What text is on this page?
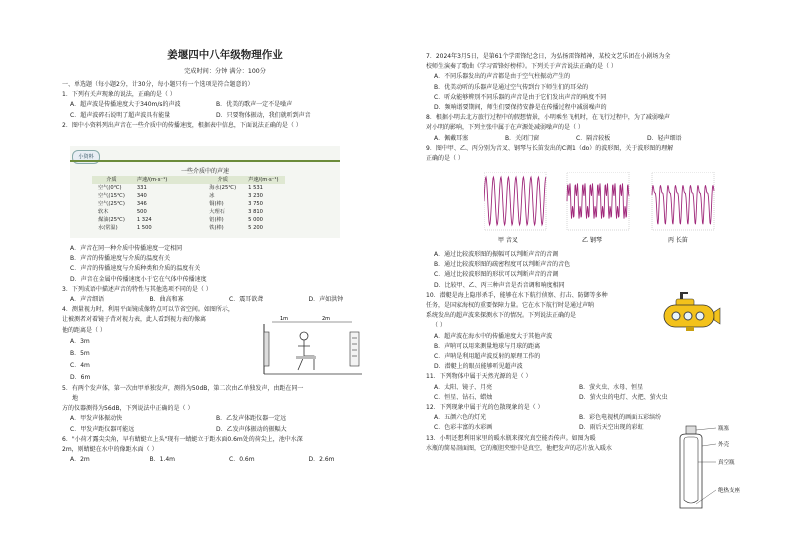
姜堰四中八年级物理作业
完成时间：分钟 满分：100分
一、单选题（每小题2分，计30分，每小题只有一个选项是符合题意的）
1．下列有关声现象的说法，正确的是（ ）
A．超声波是传播速度大于340m/s的声波	B．优美的歌声一定不是噪声
C．超声波碎石说明了超声波具有能量	D．只要物体振动，我们就听到声音
2．图中小资料列出声音在一些介质中的传播速度，根据表中信息，下面说法正确的是（ ）
小资料
一些介质中的声速
介质	声速/(m·s⁻¹)		介质	声速/(m·s⁻¹)
空气(0℃)	331		海水(25℃)	1 531
空气(15℃)	340		冰	3 230
空气(25℃)	346		铜(棒)	3 750
软木	500		大理石	3 810
煤油(25℃)	1 324		铝(棒)	5 000
水(常温)	1 500		铁(棒)	5 200
A．声音在同一种介质中传播速度一定相同
B．声音的传播速度与介质的温度有关
C．声音的传播速度与介质种类和介质的温度有关
D．声音在金属中传播速度小于它在气体中传播速度
3．下列成语中描述声音的特性与其他选项不同的是（ ）
A．声音细语	B．曲高和寡	C．震耳欲聋	D．声如洪钟
4．测量视力时，利用平面镜成像特点可以节省空间。如图所示，
让被测者对着镜子背对视力表，此人看到视力表的像离
他的距离是（ ）
A．3m
B．5m
C．4m
D．6m
5．有两个发声体，第一次由甲单独发声，测得为50dB，第二次由乙单独发声，由距在同一
地
方的仪器测得为56dB，下列说法中正确的是（ ）
A．甲发声体振动快	B．乙发声体距仪器一定远
C．甲发声距仪器可能远	D．乙发声体振动的振幅大
6．"小荷才露尖尖角，早有蜻蜓立上头"现有一蜻蜓立于距水面0.6m处的荷尖上，池中水深
2m，则蜻蜓在水中的像距水面（ ）
A．2m	B．1.4m	C．0.6m	D．2.6m
1m	2m
7．2024年3月5日，是第61个学雷锋纪念日，为弘扬雷锋精神，某校文艺乐团在小剧场为全
校师生演奏了歌曲《学习雷锋好榜样》。下列关于声音说法正确的是（ ）
A．不同乐器发出的声音都是由于空气柱振动产生的
B．优美动听的乐器声是通过空气传到台下师生们的耳朵的
C．听众能够辨别不同乐器的声音是由于它们发出声音的响度不同
D．频响谱要期间，师生们要保持安静是在传播过程中减弱噪声的
8．根据小明去北方旅行过程中的假想情景，小明乘坐飞机时，在飞行过程中，为了减弱噪声
对小明的影响，下列主张中属于在声源处减弱噪声的是（ ）
A．佩戴耳塞	B．关闭门窗	C．隔音较板	D．轻声细语
9．图中甲、乙、丙分别为音叉、钢琴与长笛发出的C调1（do）的波形图，关于波形图的理解
正确的是（ ）
甲 音叉	乙 钢琴	丙 长笛
A．通过比较波形图的振幅可以判断声音的音调
B．通过比较波形图的疏密程度可以判断声音的音色
C．通过比较波形图的形状可以判断声音的音调
D．比较甲、乙、丙三种声音是否音调和响度相同
10．潜艇是海上隐形杀手，能够在水下航行侦察、打击、防御等多种
任务，是国家海权的重要保障力量。它在水下航行时是通过声呐
系统发出的超声波来探测水下的情况。下列说法正确的是
（ ）
A．超声波在海水中的传播速度大于其他声波
B．声呐可以用来测量地球与月球的距离
C．声呐是利用超声波反射的原理工作的
D．潜艇上的眼员能够听见超声波
11．下列物体中属于天然光源的是（ ）
A．太阳、镜子、月亮	B．萤火虫、水母、恒星
C．恒星、钻石、蜡烛	D．萤火虫的电灯、火把、萤火虫
12．下列现象中属于光的色散现象的是（ ）
A．五颜六色的灯光	B．彩色电视机的画面五彩缤纷
C．色彩丰富的水彩画	D．雨后天空出现的彩虹
13．小明还想利用家里的暖水瓶来探究真空能否传声。如图为暖
水瓶的简易剖面图，它的瓶胆夹壁中是真空，他把发声的芯片放入暖水
瓶塞
外壳
真空瓶
绝热支座
